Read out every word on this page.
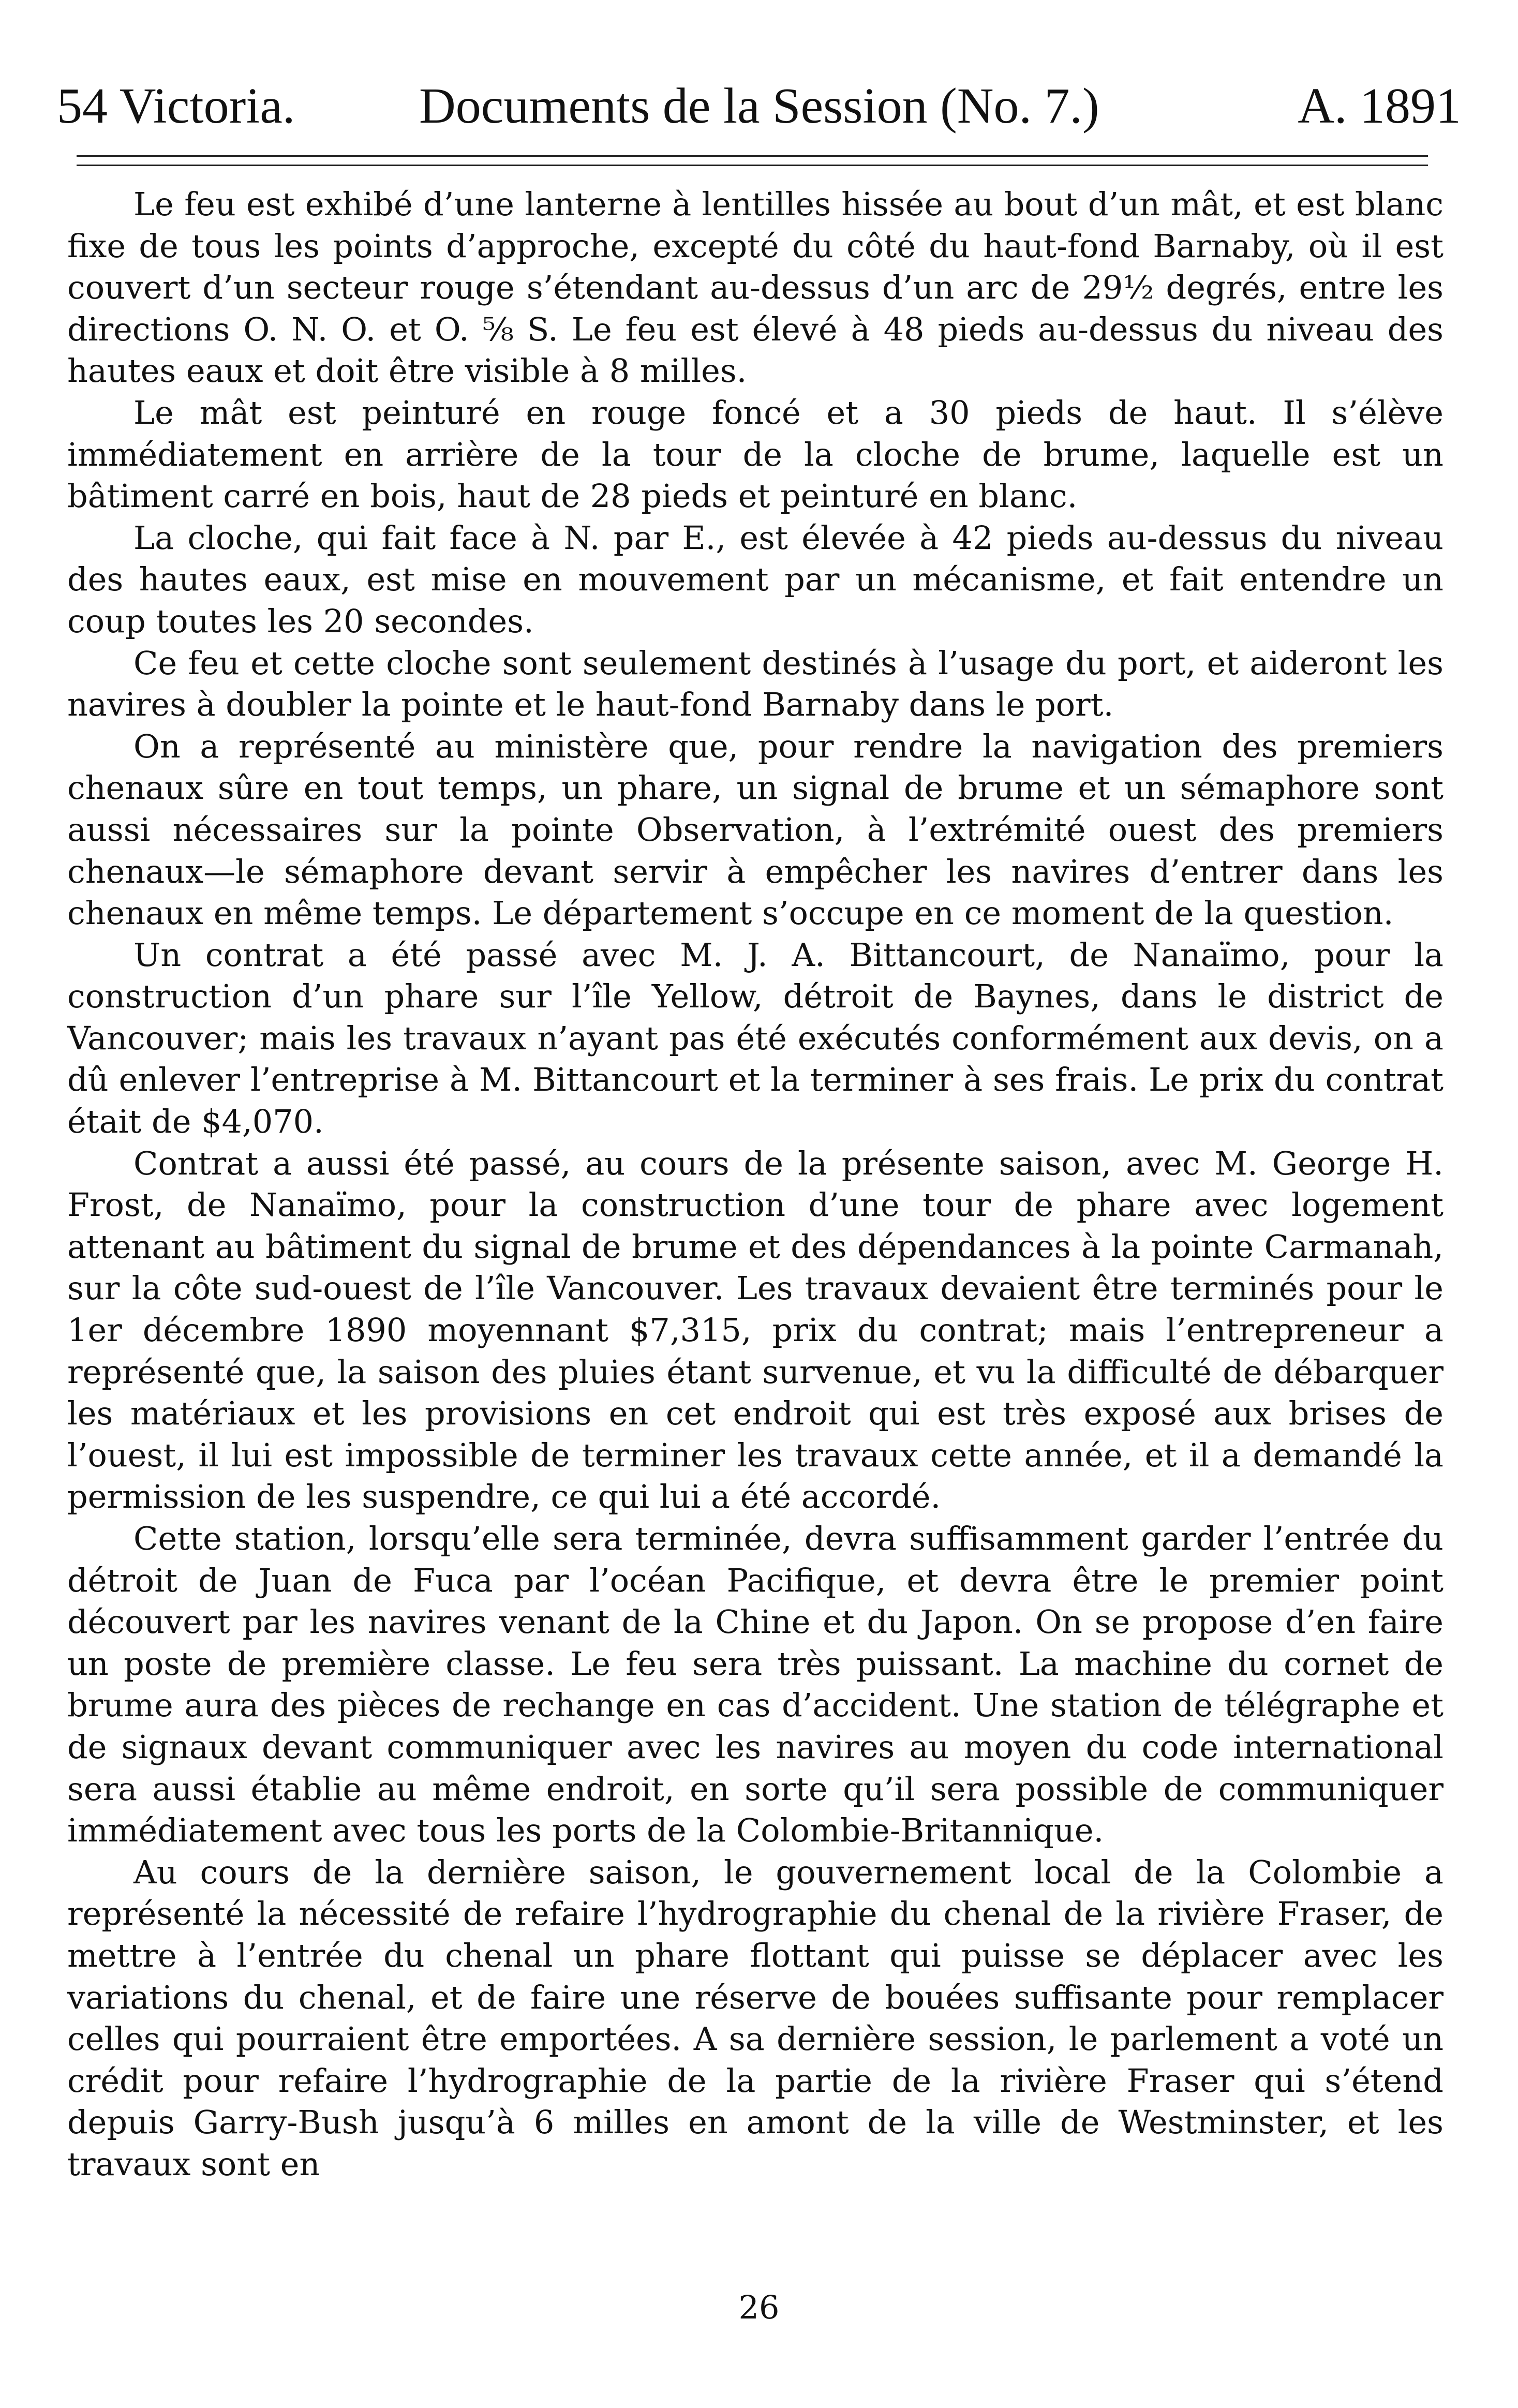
54 Victoria. Documents de la Session (No. 7.)	A. 1891

Le feu est exhibé d’une lanterne à lentilles hissée au bout d’un mât, et est blanc fixe de tous les points d’approche, excepté du côté du haut-fond Barnaby, où il est couvert d’un secteur rouge s’étendant au-dessus d’un arc de 29½ degrés, entre les directions O. N. O. et O. ⅝ S. Le feu est élevé à 48 pieds au-dessus du niveau des hautes eaux et doit être visible à 8 milles.

Le mât est peinturé en rouge foncé et a 30 pieds de haut. Il s’élève immédiatement en arrière de la tour de la cloche de brume, laquelle est un bâtiment carré en bois, haut de 28 pieds et peinturé en blanc.

La cloche, qui fait face à N. par E., est élevée à 42 pieds au-dessus du niveau des hautes eaux, est mise en mouvement par un mécanisme, et fait entendre un coup toutes les 20 secondes.

Ce feu et cette cloche sont seulement destinés à l’usage du port, et aideront les navires à doubler la pointe et le haut-fond Barnaby dans le port.

On a représenté au ministère que, pour rendre la navigation des premiers chenaux sûre en tout temps, un phare, un signal de brume et un sémaphore sont aussi nécessaires sur la pointe Observation, à l’extrémité ouest des premiers chenaux—le sémaphore devant servir à empêcher les navires d’entrer dans les chenaux en même temps. Le département s’occupe en ce moment de la question.

Un contrat a été passé avec M. J. A. Bittancourt, de Nanaïmo, pour la construction d’un phare sur l’île Yellow, détroit de Baynes, dans le district de Vancouver; mais les travaux n’ayant pas été exécutés conformément aux devis, on a dû enlever l’entreprise à M. Bittancourt et la terminer à ses frais. Le prix du contrat était de $4,070.

Contrat a aussi été passé, au cours de la présente saison, avec M. George H. Frost, de Nanaïmo, pour la construction d’une tour de phare avec logement attenant au bâtiment du signal de brume et des dépendances à la pointe Carmanah, sur la côte sud-ouest de l’île Vancouver. Les travaux devaient être terminés pour le 1er décembre 1890 moyennant $7,315, prix du contrat; mais l’entrepreneur a représenté que, la saison des pluies étant survenue, et vu la difficulté de débarquer les matériaux et les provisions en cet endroit qui est très exposé aux brises de l’ouest, il lui est impossible de terminer les travaux cette année, et il a demandé la permission de les suspendre, ce qui lui a été accordé.

Cette station, lorsqu’elle sera terminée, devra suffisamment garder l’entrée du détroit de Juan de Fuca par l’océan Pacifique, et devra être le premier point découvert par les navires venant de la Chine et du Japon. On se propose d’en faire un poste de première classe. Le feu sera très puissant. La machine du cornet de brume aura des pièces de rechange en cas d’accident. Une station de télégraphe et de signaux devant communiquer avec les navires au moyen du code international sera aussi établie au même endroit, en sorte qu’il sera possible de communiquer immédiatement avec tous les ports de la Colombie-Britannique.

Au cours de la dernière saison, le gouvernement local de la Colombie a représenté la nécessité de refaire l’hydrographie du chenal de la rivière Fraser, de mettre à l’entrée du chenal un phare flottant qui puisse se déplacer avec les variations du chenal, et de faire une réserve de bouées suffisante pour remplacer celles qui pourraient être emportées. A sa dernière session, le parlement a voté un crédit pour refaire l’hydrographie de la partie de la rivière Fraser qui s’étend depuis Garry-Bush jusqu’à 6 milles en amont de la ville de Westminster, et les travaux sont en

26
